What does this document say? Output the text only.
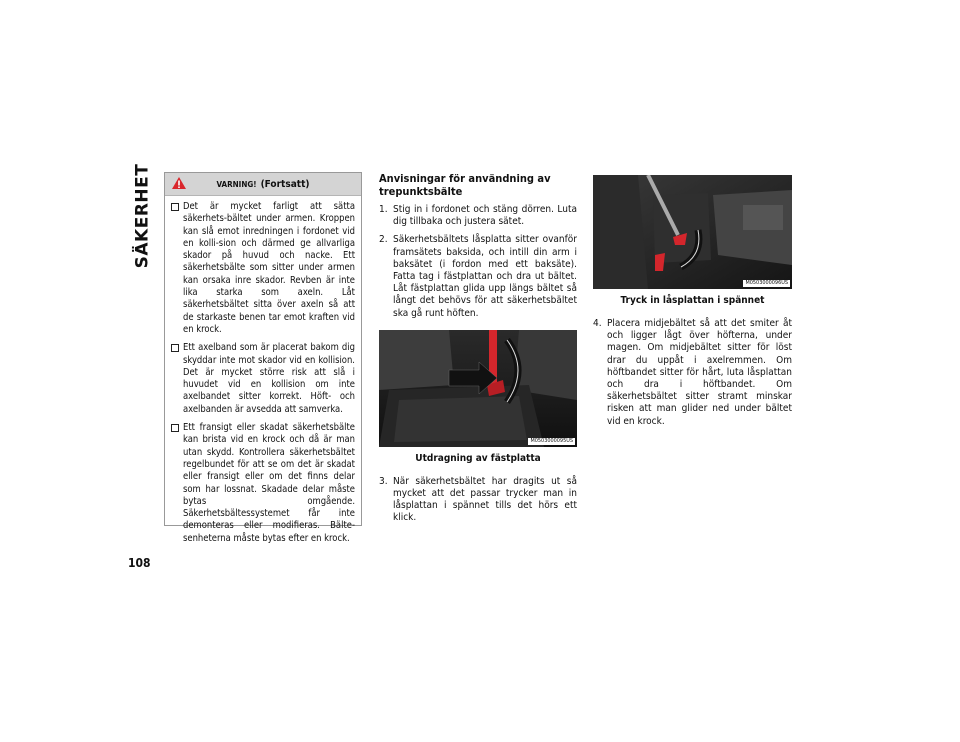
SÄKERHET
108
VARNING! (Fortsatt)
Det är mycket farligt att sätta säkerhets-bältet under armen. Kroppen kan slå emot inredningen i fordonet vid en kolli-sion och därmed ge allvarliga skador på huvud och nacke. Ett säkerhetsbälte som sitter under armen kan orsaka inre skador. Revben är inte lika starka som axeln. Låt säkerhetsbältet sitta över axeln så att de starkaste benen tar emot kraften vid en krock.
Ett axelband som är placerat bakom dig skyddar inte mot skador vid en kollision. Det är mycket större risk att slå i huvudet vid en kollision om inte axelbandet sitter korrekt. Höft- och axelbanden är avsedda att samverka.
Ett fransigt eller skadat säkerhetsbälte kan brista vid en krock och då är man utan skydd. Kontrollera säkerhetsbältet regelbundet för att se om det är skadat eller fransigt eller om det finns delar som har lossnat. Skadade delar måste bytas omgående. Säkerhetsbältessystemet får inte demonteras eller modifieras. Bälte-senheterna måste bytas efter en krock.
Anvisningar för användning av trepunktsbälte
1. Stig in i fordonet och stäng dörren. Luta dig tillbaka och justera sätet.
2. Säkerhetsbältets låsplatta sitter ovanför framsätets baksida, och intill din arm i baksätet (i fordon med ett baksäte). Fatta tag i fästplattan och dra ut bältet. Låt fästplattan glida upp längs bältet så långt det behövs för att säkerhetsbältet ska gå runt höften.
M0503000095US
Utdragning av fästplatta
3. När säkerhetsbältet har dragits ut så mycket att det passar trycker man in låsplattan i spännet tills det hörs ett klick.
M0503000096US
Tryck in låsplattan i spännet
4. Placera midjebältet så att det smiter åt och ligger lågt över höfterna, under magen. Om midjebältet sitter för löst drar du uppåt i axelremmen. Om höftbandet sitter för hårt, luta låsplattan och dra i höftbandet. Om säkerhetsbältet sitter stramt minskar risken att man glider ned under bältet vid en krock.
